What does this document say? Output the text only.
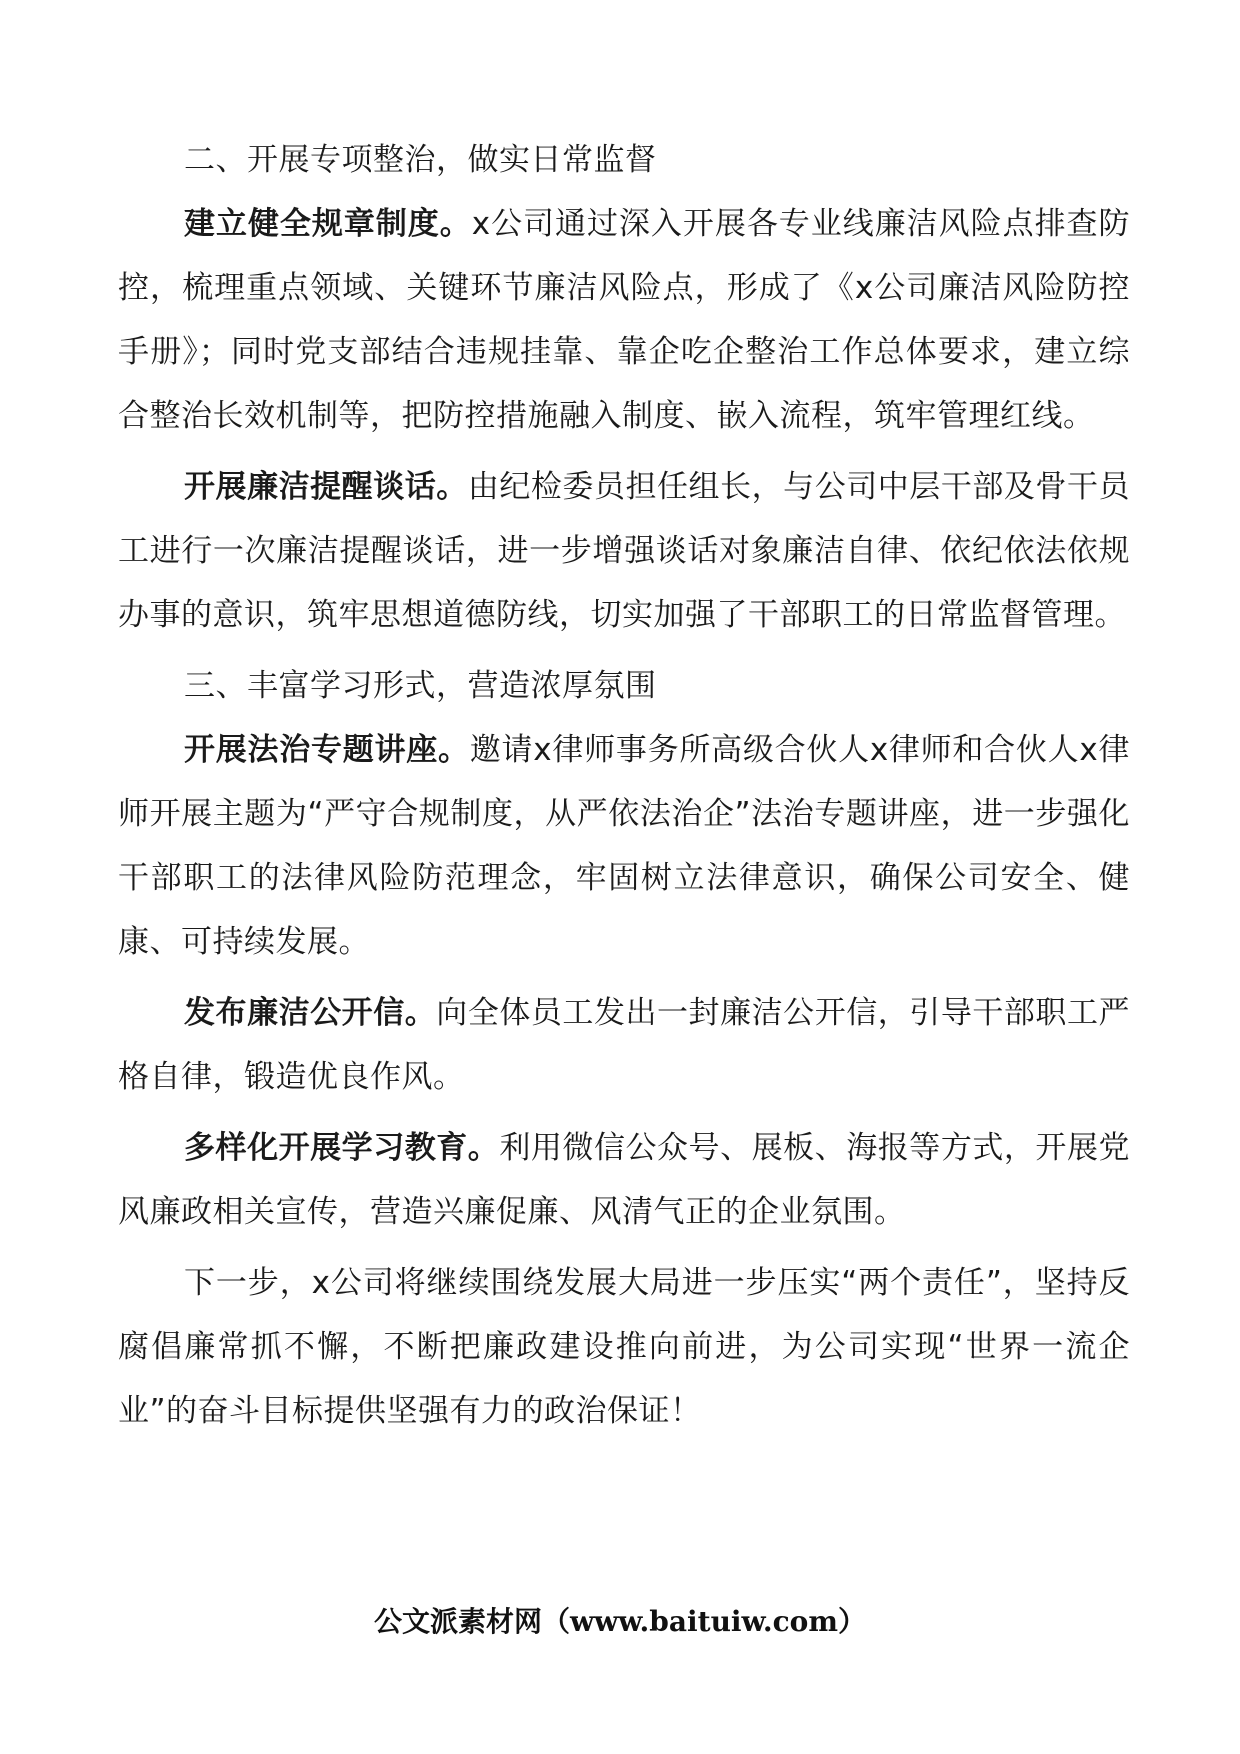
二、开展专项整治，做实日常监督

建立健全规章制度。x公司通过深入开展各专业线廉洁风险点排查防控，梳理重点领域、关键环节廉洁风险点，形成了《x公司廉洁风险防控手册》；同时党支部结合违规挂靠、靠企吃企整治工作总体要求，建立综合整治长效机制等，把防控措施融入制度、嵌入流程，筑牢管理红线。

开展廉洁提醒谈话。由纪检委员担任组长，与公司中层干部及骨干员工进行一次廉洁提醒谈话，进一步增强谈话对象廉洁自律、依纪依法依规办事的意识，筑牢思想道德防线，切实加强了干部职工的日常监督管理。

三、丰富学习形式，营造浓厚氛围

开展法治专题讲座。邀请x律师事务所高级合伙人x律师和合伙人x律师开展主题为“严守合规制度，从严依法治企”法治专题讲座，进一步强化干部职工的法律风险防范理念，牢固树立法律意识，确保公司安全、健康、可持续发展。

发布廉洁公开信。向全体员工发出一封廉洁公开信，引导干部职工严格自律，锻造优良作风。

多样化开展学习教育。利用微信公众号、展板、海报等方式，开展党风廉政相关宣传，营造兴廉促廉、风清气正的企业氛围。

下一步，x公司将继续围绕发展大局进一步压实“两个责任”，坚持反腐倡廉常抓不懈，不断把廉政建设推向前进，为公司实现“世界一流企业”的奋斗目标提供坚强有力的政治保证！

公文派素材网（www.baituiw.com）
